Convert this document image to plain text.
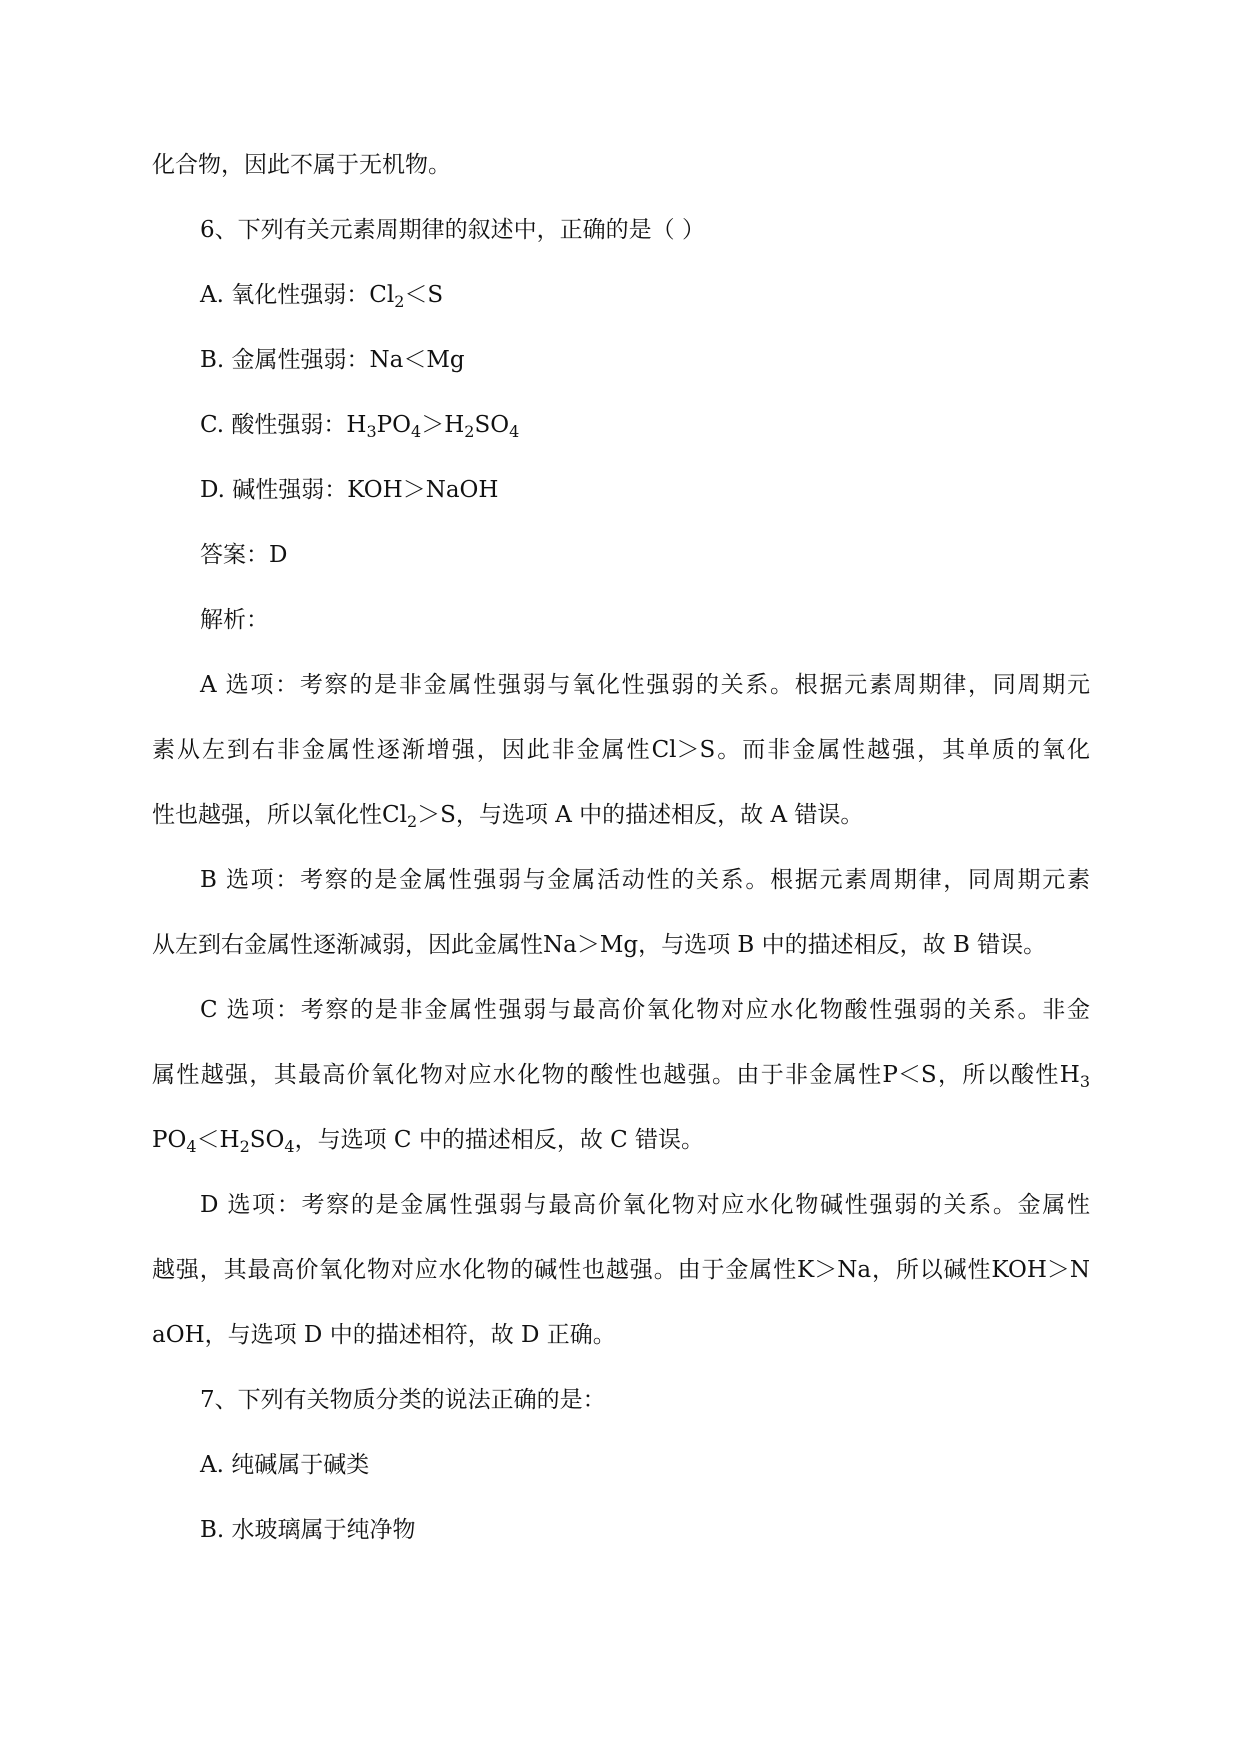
化合物，因此不属于无机物。
6、下列有关元素周期律的叙述中，正确的是（ ）
A. 氧化性强弱：$Cl_2<S$
B. 金属性强弱：Na＜Mg
C. 酸性强弱：$H_3PO_4>H_2SO_4$
D. 碱性强弱：KOH＞NaOH
答案：D
解析：
A 选项：考察的是非金属性强弱与氧化性强弱的关系。根据元素周期律，同周期元
素从左到右非金属性逐渐增强，因此非金属性Cl＞S。而非金属性越强，其单质的氧化
性也越强，所以氧化性$Cl_2>S$，与选项 A 中的描述相反，故 A 错误。
B 选项：考察的是金属性强弱与金属活动性的关系。根据元素周期律，同周期元素
从左到右金属性逐渐减弱，因此金属性Na＞Mg，与选项 B 中的描述相反，故 B 错误。
C 选项：考察的是非金属性强弱与最高价氧化物对应水化物酸性强弱的关系。非金
属性越强，其最高价氧化物对应水化物的酸性也越强。由于非金属性P＜S，所以酸性$H_3$
$PO_4<H_2SO_4$，与选项 C 中的描述相反，故 C 错误。
D 选项：考察的是金属性强弱与最高价氧化物对应水化物碱性强弱的关系。金属性
越强，其最高价氧化物对应水化物的碱性也越强。由于金属性K＞Na，所以碱性KOH＞N
aOH，与选项 D 中的描述相符，故 D 正确。
7、下列有关物质分类的说法正确的是：
A. 纯碱属于碱类
B. 水玻璃属于纯净物
